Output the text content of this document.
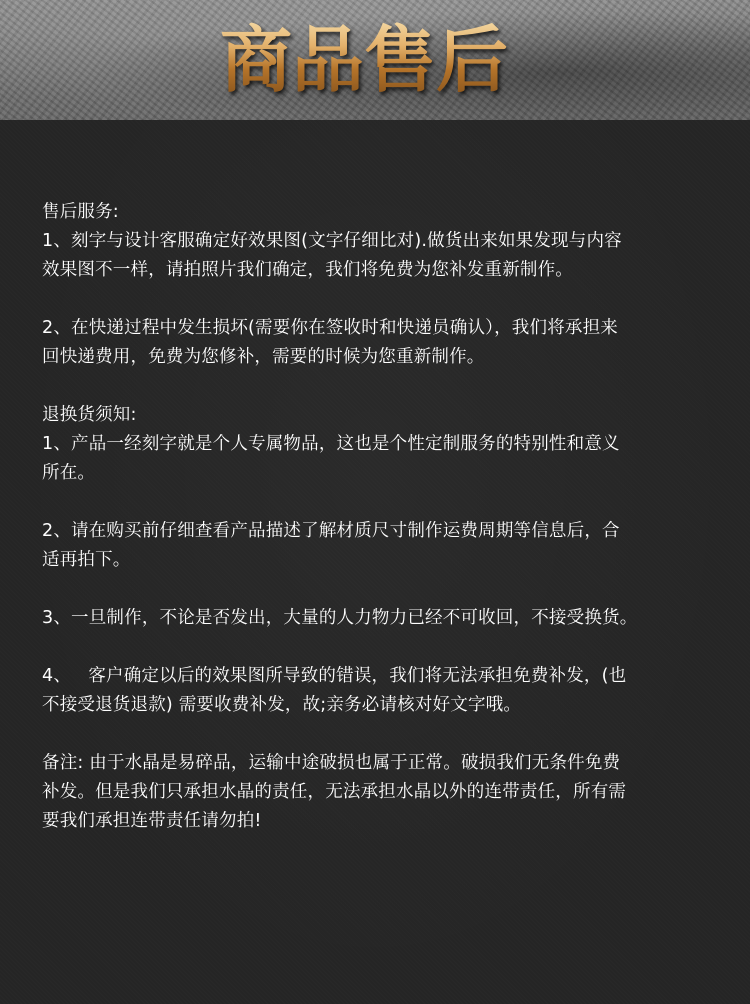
商品售后

售后服务:

1、刻字与设计客服确定好效果图(文字仔细比对).做货出来如果发现与内容

效果图不一样，请拍照片我们确定，我们将免费为您补发重新制作。

2、在快递过程中发生损坏(需要你在签收时和快递员确认），我们将承担来

回快递费用，免费为您修补，需要的时候为您重新制作。

退换货须知:

1、产品一经刻字就是个人专属物品，这也是个性定制服务的特别性和意义

所在。

2、请在购买前仔细查看产品描述了解材质尺寸制作运费周期等信息后，合

适再拍下。

3、一旦制作，不论是否发出，大量的人力物力已经不可收回，不接受换货。

4、   客户确定以后的效果图所导致的错误，我们将无法承担免费补发，(也

不接受退货退款) 需要收费补发，故;亲务必请核对好文字哦。

备注: 由于水晶是易碎品，运输中途破损也属于正常。破损我们无条件免费

补发。但是我们只承担水晶的责任，无法承担水晶以外的连带责任，所有需

要我们承担连带责任请勿拍!
